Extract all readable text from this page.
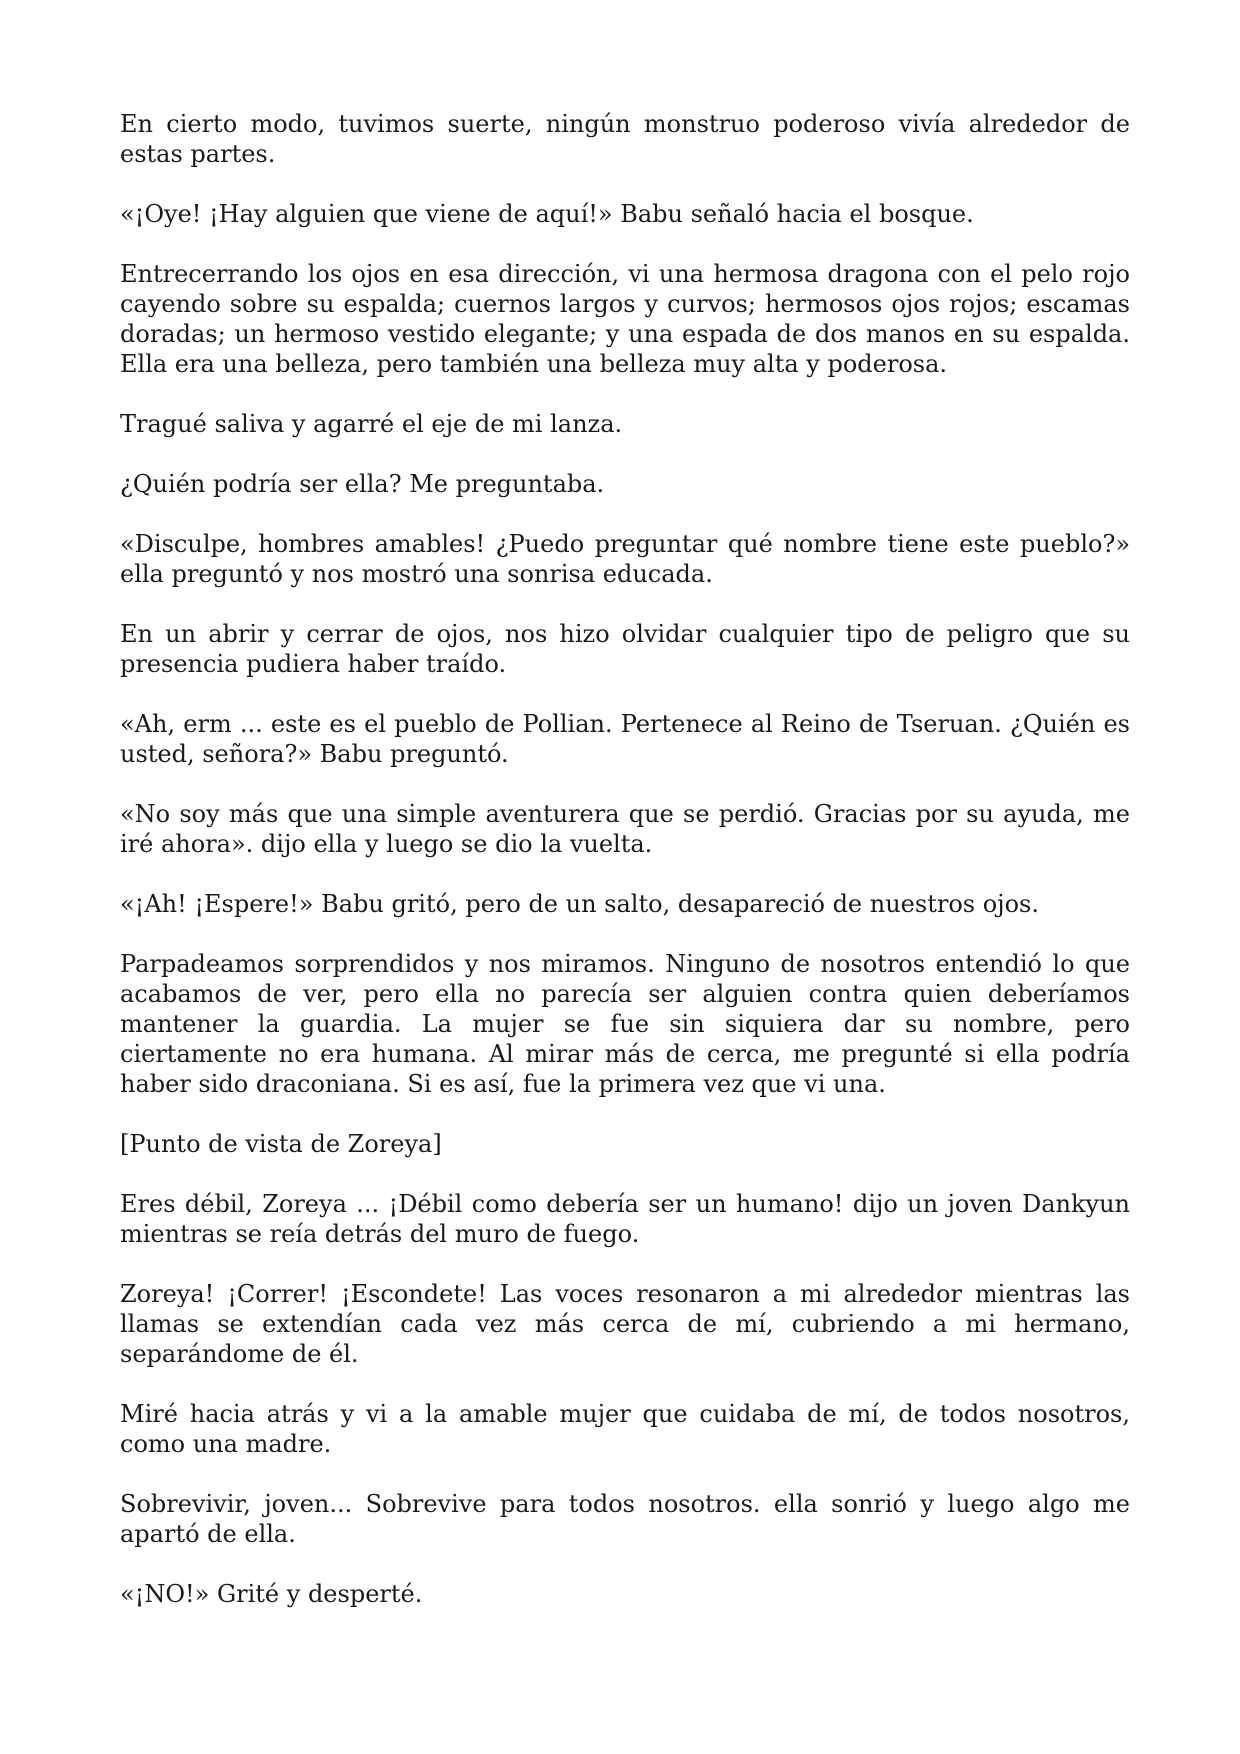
En cierto modo, tuvimos suerte, ningún monstruo poderoso vivía alrededor de estas partes.

«¡Oye! ¡Hay alguien que viene de aquí!» Babu señaló hacia el bosque.

Entrecerrando los ojos en esa dirección, vi una hermosa dragona con el pelo rojo cayendo sobre su espalda; cuernos largos y curvos; hermosos ojos rojos; escamas doradas; un hermoso vestido elegante; y una espada de dos manos en su espalda. Ella era una belleza, pero también una belleza muy alta y poderosa.

Tragué saliva y agarré el eje de mi lanza.

¿Quién podría ser ella? Me preguntaba.

«Disculpe, hombres amables! ¿Puedo preguntar qué nombre tiene este pueblo?» ella preguntó y nos mostró una sonrisa educada.

En un abrir y cerrar de ojos, nos hizo olvidar cualquier tipo de peligro que su presencia pudiera haber traído.

«Ah, erm ... este es el pueblo de Pollian. Pertenece al Reino de Tseruan. ¿Quién es usted, señora?» Babu preguntó.

«No soy más que una simple aventurera que se perdió. Gracias por su ayuda, me iré ahora». dijo ella y luego se dio la vuelta.

«¡Ah! ¡Espere!» Babu gritó, pero de un salto, desapareció de nuestros ojos.

Parpadeamos sorprendidos y nos miramos. Ninguno de nosotros entendió lo que acabamos de ver, pero ella no parecía ser alguien contra quien deberíamos mantener la guardia. La mujer se fue sin siquiera dar su nombre, pero ciertamente no era humana. Al mirar más de cerca, me pregunté si ella podría haber sido draconiana. Si es así, fue la primera vez que vi una.

[Punto de vista de Zoreya]

Eres débil, Zoreya ... ¡Débil como debería ser un humano! dijo un joven Dankyun mientras se reía detrás del muro de fuego.

Zoreya! ¡Correr! ¡Escondete! Las voces resonaron a mi alrededor mientras las llamas se extendían cada vez más cerca de mí, cubriendo a mi hermano, separándome de él.

Miré hacia atrás y vi a la amable mujer que cuidaba de mí, de todos nosotros, como una madre.

Sobrevivir, joven... Sobrevive para todos nosotros. ella sonrió y luego algo me apartó de ella.

«¡NO!» Grité y desperté.
